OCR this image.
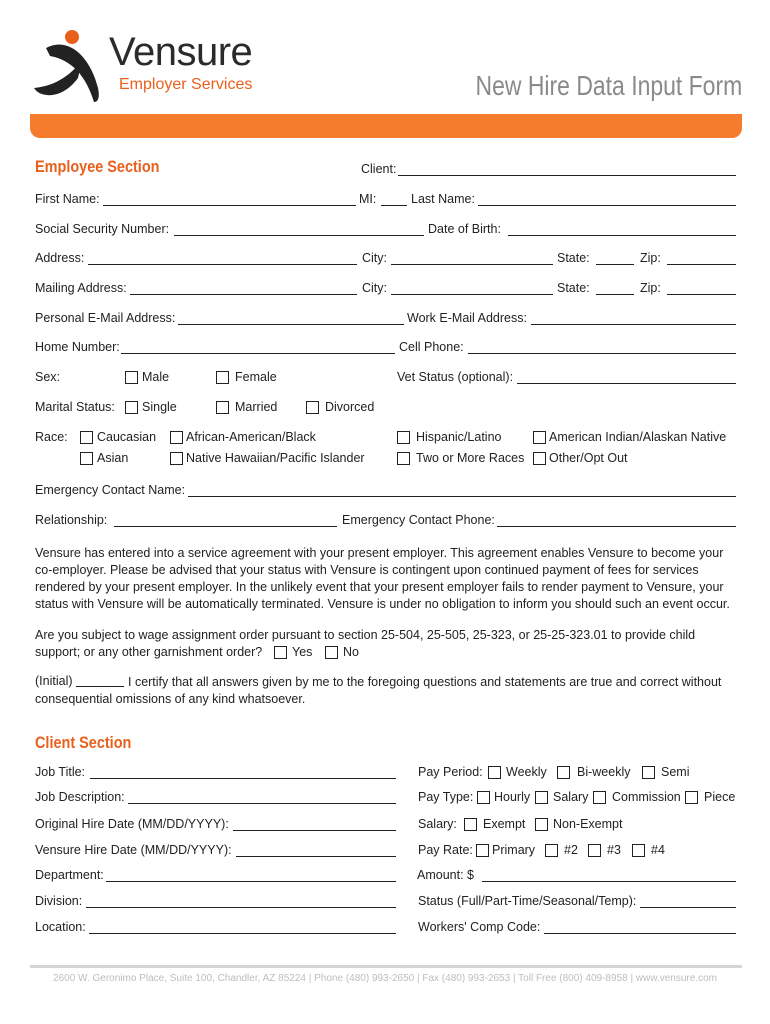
Vensure
Employer Services	New Hire Data Input Form
Employee Section	Client:
First Name:	MI:	Last Name:
Social Security Number:	Date of Birth:
Address:	City:	State:	Zip:
Mailing Address:	City:	State:	Zip:
Personal E-Mail Address:	Work E-Mail Address:
Home Number:	Cell Phone:
Sex:	Male	Female	Vet Status (optional):
Marital Status: Single	Married	Divorced
Race: Caucasian African-American/Black	Hispanic/Latino	American Indian/Alaskan Native
Asian	Native Hawaiian/Pacific Islander	Two or More Races Other/Opt Out
Emergency Contact Name:
Relationship:	Emergency Contact Phone:
Vensure has entered into a service agreement with your present employer. This agreement enables Vensure to become your co-employer. Please be advised that your status with Vensure is contingent upon continued payment of fees for services rendered by your present employer. In the unlikely event that your present employer fails to render payment to Vensure, your status with Vensure will be automatically terminated. Vensure is under no obligation to inform you should such an event occur.
Are you subject to wage assignment order pursuant to section 25-504, 25-505, 25-323, or 25-25-323.01 to provide child support; or any other garnishment order?	Yes No
(Initial)	I certify that all answers given by me to the foregoing questions and statements are true and correct without consequential omissions of any kind whatsoever.
Client Section
Job Title:	Pay Period: Weekly Bi-weekly Semi
Job Description:	Pay Type: Hourly Salary Commission Piece
Original Hire Date (MM/DD/YYYY):	Salary: Exempt Non-Exempt
Vensure Hire Date (MM/DD/YYYY):	Pay Rate: Primary #2 #3 #4
Department:	Amount: $
Division:	Status (Full/Part-Time/Seasonal/Temp):
Location:	Workers' Comp Code:
2600 W. Geronimo Place, Suite 100, Chandler, AZ 85224 | Phone (480) 993-2650 | Fax (480) 993-2653 | Toll Free (800) 409-8958 | www.vensure.com
